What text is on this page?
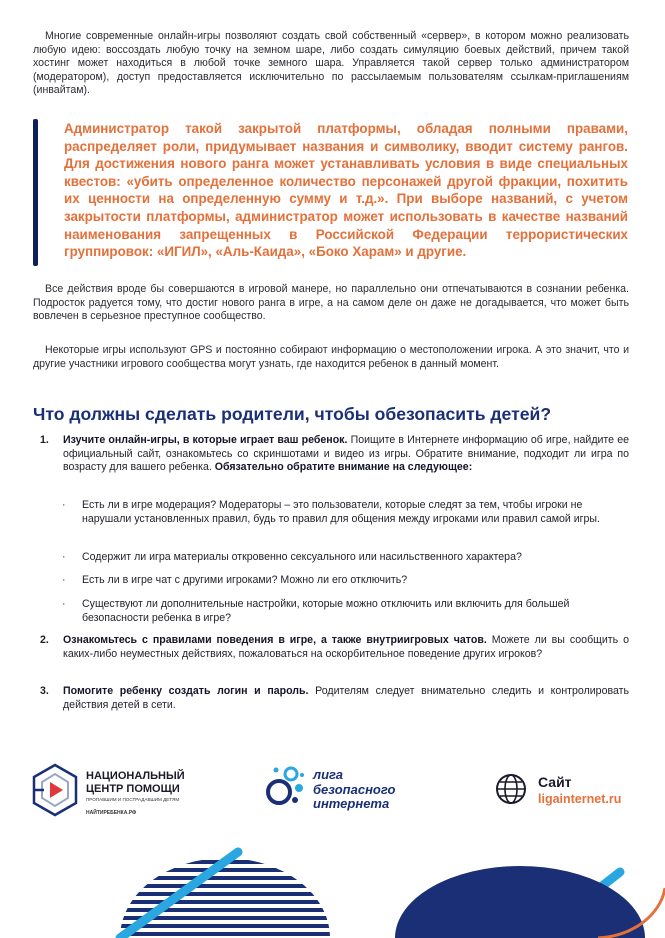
Многие современные онлайн-игры позволяют создать свой собственный «сервер», в котором можно реализовать любую идею: воссоздать любую точку на земном шаре, либо создать симуляцию боевых действий, причем такой хостинг может находиться в любой точке земного шара. Управляется такой сервер только администратором (модератором), доступ предоставляется исключительно по рассылаемым пользователям ссылкам-приглашениям (инвайтам).

Администратор такой закрытой платформы, обладая полными правами, распределяет роли, придумывает названия и символику, вводит систему рангов. Для достижения нового ранга может устанавливать условия в виде специальных квестов: «убить определенное количество персонажей другой фракции, похитить их ценности на определенную сумму и т.д.». При выборе названий, с учетом закрытости платформы, администратор может использовать в качестве названий наименования запрещенных в Российской Федерации террористических группировок: «ИГИЛ», «Аль-Каида», «Боко Харам» и другие.

Все действия вроде бы совершаются в игровой манере, но параллельно они отпечатываются в сознании ребенка. Подросток радуется тому, что достиг нового ранга в игре, а на самом деле он даже не догадывается, что может быть вовлечен в серьезное преступное сообщество.

Некоторые игры используют GPS и постоянно собирают информацию о местоположении игрока. А это значит, что и другие участники игрового сообщества могут узнать, где находится ребенок в данный момент.

Что должны сделать родители, чтобы обезопасить детей?
1. Изучите онлайн-игры, в которые играет ваш ребенок. Поищите в Интернете информацию об игре, найдите ее официальный сайт, ознакомьтесь со скриншотами и видео из игры. Обратите внимание, подходит ли игра по возрасту для вашего ребенка. Обязательно обратите внимание на следующее:
· Есть ли в игре модерация? Модераторы – это пользователи, которые следят за тем, чтобы игроки не нарушали установленных правил, будь то правил для общения между игроками или правил самой игры.
· Содержит ли игра материалы откровенно сексуального или насильственного характера?
· Есть ли в игре чат с другими игроками? Можно ли его отключить?
· Существуют ли дополнительные настройки, которые можно отключить или включить для большей безопасности ребенка в игре?
2. Ознакомьтесь с правилами поведения в игре, а также внутриигровых чатов. Можете ли вы сообщить о каких-либо неуместных действиях, пожаловаться на оскорбительное поведение других игроков?
3. Помогите ребенку создать логин и пароль. Родителям следует внимательно следить и контролировать действия детей в сети.
НАЦИОНАЛЬНЫЙ
ЦЕНТР ПОМОЩИ
ПРОПАВШИМ И ПОСТРАДАВШИМ ДЕТЯМ
НАЙТИРЕБЕНКА.РФ
лига
безопасного
интернета
Сайт
ligainternet.ru
